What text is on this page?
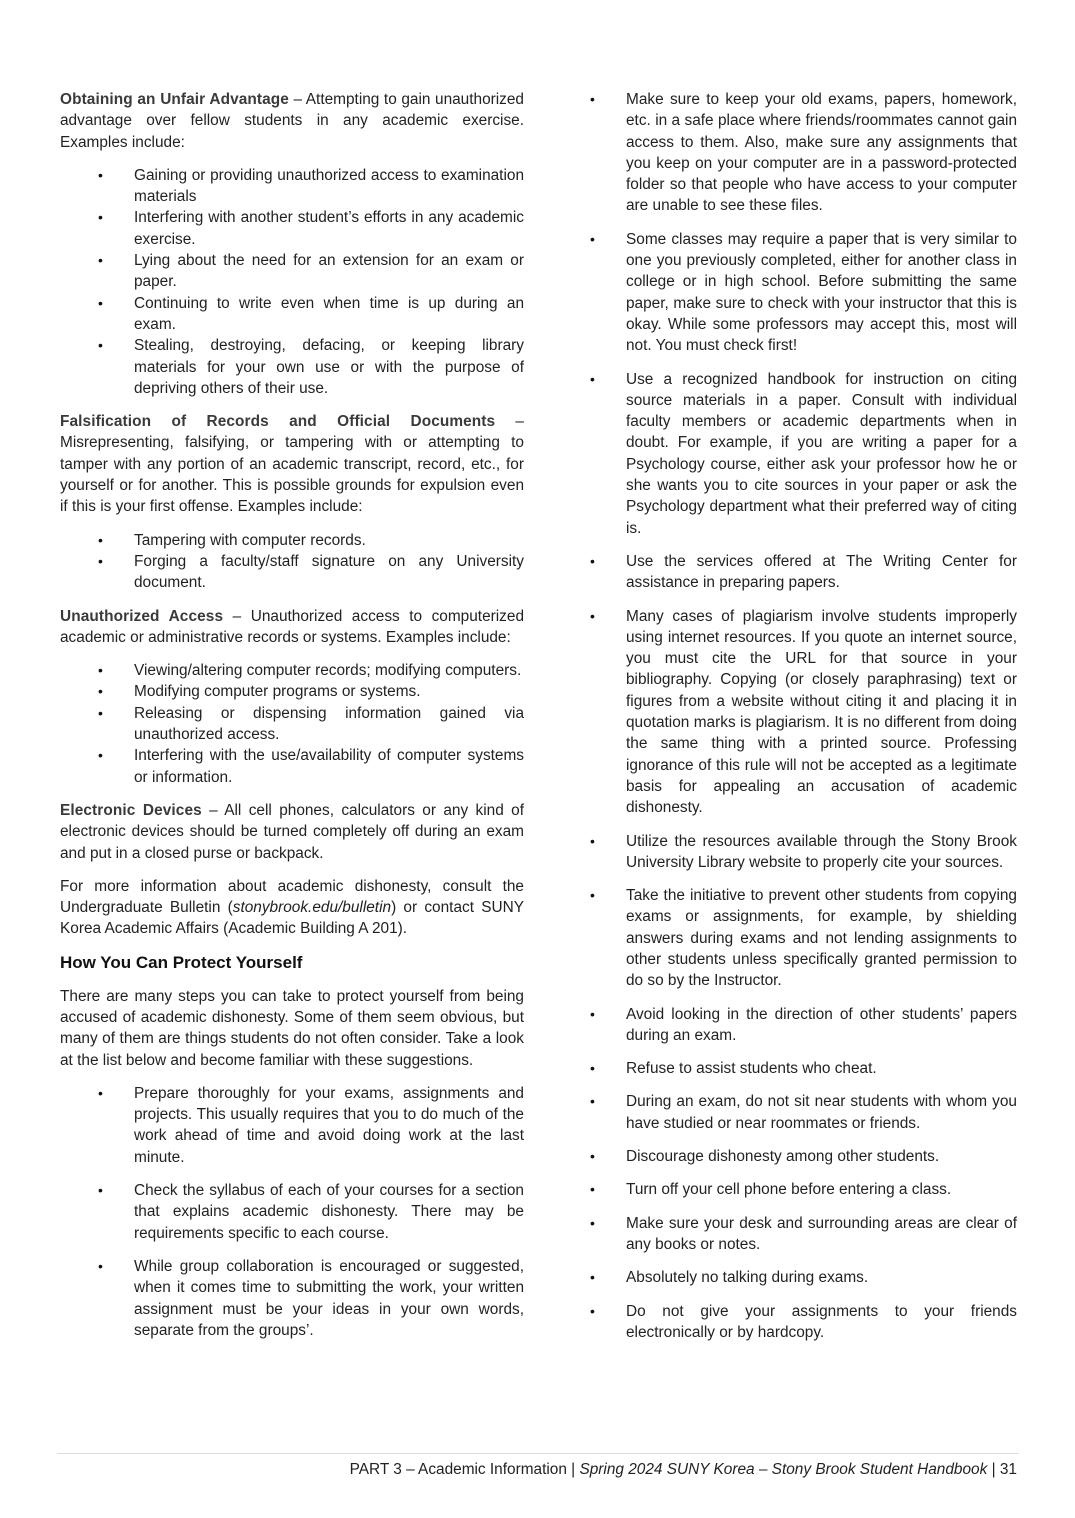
Obtaining an Unfair Advantage – Attempting to gain unauthorized advantage over fellow students in any academic exercise. Examples include:

•	Gaining or providing unauthorized access to examination materials
•	Interfering with another student’s efforts in any academic exercise.
•	Lying about the need for an extension for an exam or paper.
•	Continuing to write even when time is up during an exam.
•	Stealing, destroying, defacing, or keeping library materials for your own use or with the purpose of depriving others of their use.

Falsification of Records and Official Documents – Misrepresenting, falsifying, or tampering with or attempting to tamper with any portion of an academic transcript, record, etc., for yourself or for another. This is possible grounds for expulsion even if this is your first offense. Examples include:

•	Tampering with computer records.
•	Forging a faculty/staff signature on any University document.

Unauthorized Access – Unauthorized access to computerized academic or administrative records or systems. Examples include:

•	Viewing/altering computer records; modifying computers.
•	Modifying computer programs or systems.
•	Releasing or dispensing information gained via unauthorized access.
•	Interfering with the use/availability of computer systems or information.

Electronic Devices – All cell phones, calculators or any kind of electronic devices should be turned completely off during an exam and put in a closed purse or backpack.

For more information about academic dishonesty, consult the Undergraduate Bulletin (stonybrook.edu/bulletin) or contact SUNY Korea Academic Affairs (Academic Building A 201).

How You Can Protect Yourself

There are many steps you can take to protect yourself from being accused of academic dishonesty. Some of them seem obvious, but many of them are things students do not often consider. Take a look at the list below and become familiar with these suggestions.

•	Prepare thoroughly for your exams, assignments and projects. This usually requires that you to do much of the work ahead of time and avoid doing work at the last minute.
•	Check the syllabus of each of your courses for a section that explains academic dishonesty. There may be requirements specific to each course.
•	While group collaboration is encouraged or suggested, when it comes time to submitting the work, your written assignment must be your ideas in your own words, separate from the groups’.
•	Make sure to keep your old exams, papers, homework, etc. in a safe place where friends/roommates cannot gain access to them. Also, make sure any assignments that you keep on your computer are in a password-protected folder so that people who have access to your computer are unable to see these files.
•	Some classes may require a paper that is very similar to one you previously completed, either for another class in college or in high school. Before submitting the same paper, make sure to check with your instructor that this is okay. While some professors may accept this, most will not. You must check first!
•	Use a recognized handbook for instruction on citing source materials in a paper. Consult with individual faculty members or academic departments when in doubt. For example, if you are writing a paper for a Psychology course, either ask your professor how he or she wants you to cite sources in your paper or ask the Psychology department what their preferred way of citing is.
•	Use the services offered at The Writing Center for assistance in preparing papers.
•	Many cases of plagiarism involve students improperly using internet resources. If you quote an internet source, you must cite the URL for that source in your bibliography. Copying (or closely paraphrasing) text or figures from a website without citing it and placing it in quotation marks is plagiarism. It is no different from doing the same thing with a printed source. Professing ignorance of this rule will not be accepted as a legitimate basis for appealing an accusation of academic dishonesty.
•	Utilize the resources available through the Stony Brook University Library website to properly cite your sources.
•	Take the initiative to prevent other students from copying exams or assignments, for example, by shielding answers during exams and not lending assignments to other students unless specifically granted permission to do so by the Instructor.
•	Avoid looking in the direction of other students’ papers during an exam.
•	Refuse to assist students who cheat.
•	During an exam, do not sit near students with whom you have studied or near roommates or friends.
•	Discourage dishonesty among other students.
•	Turn off your cell phone before entering a class.
•	Make sure your desk and surrounding areas are clear of any books or notes.
•	Absolutely no talking during exams.
•	Do not give your assignments to your friends electronically or by hardcopy.
PART 3 – Academic Information | Spring 2024 SUNY Korea – Stony Brook Student Handbook | 31
